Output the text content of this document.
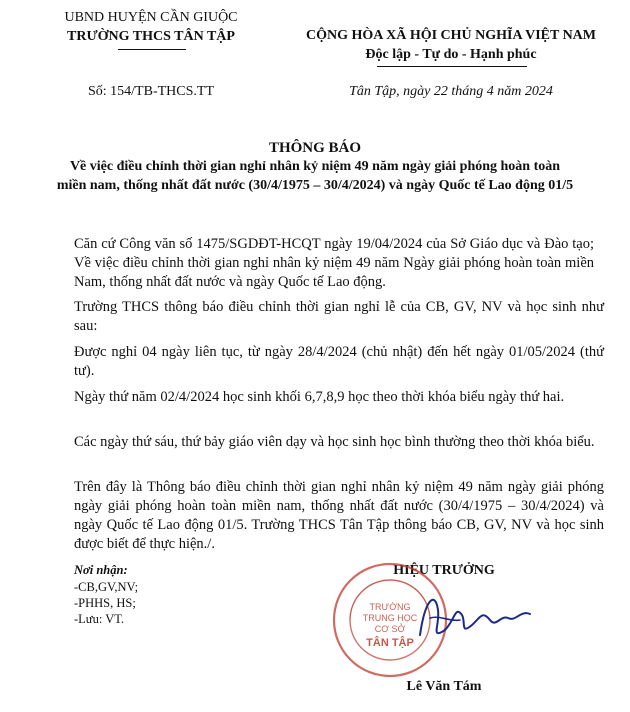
UBND HUYỆN CẦN GIUỘC
TRƯỜNG THCS TÂN TẬP	CỘNG HÒA XÃ HỘI CHỦ NGHĨA VIỆT NAM
Độc lập - Tự do - Hạnh phúc
Số: 154/TB-THCS.TT	Tân Tập, ngày 22 tháng 4 năm 2024
THÔNG BÁO
Về việc điều chỉnh thời gian nghỉ nhân kỷ niệm 49 năm ngày giải phóng hoàn toàn miền nam, thống nhất đất nước (30/4/1975 – 30/4/2024) và ngày Quốc tế Lao động 01/5
Căn cứ Công văn số 1475/SGDĐT-HCQT ngày 19/04/2024 của Sở Giáo dục và Đào tạo; Về việc điều chỉnh thời gian nghỉ nhân kỷ niệm 49 năm Ngày giải phóng hoàn toàn miền Nam, thống nhất đất nước và ngày Quốc tế Lao động.
Trường THCS thông báo điều chỉnh thời gian nghỉ lễ của CB, GV, NV và học sinh như sau:
Được nghỉ 04 ngày liên tục, từ ngày 28/4/2024 (chủ nhật) đến hết ngày 01/05/2024 (thứ tư).
Ngày thứ năm 02/4/2024 học sinh khối 6,7,8,9 học theo thời khóa biểu ngày thứ hai.
Các ngày thứ sáu, thứ bảy giáo viên dạy và học sinh học bình thường theo thời khóa biểu.
Trên đây là Thông báo điều chỉnh thời gian nghỉ nhân kỷ niệm 49 năm ngày giải phóng ngày giải phóng hoàn toàn miền nam, thống nhất đất nước (30/4/1975 – 30/4/2024) và ngày Quốc tế Lao động 01/5. Trường THCS Tân Tập thông báo CB, GV, NV và học sinh được biết để thực hiện./.
Nơi nhận:
-CB,GV,NV;
-PHHS, HS;
-Lưu: VT.
HIỆU TRƯỞNG
TRƯỜNG
TRUNG HỌC
CƠ SỞ
TÂN TẬP
Lê Văn Tám
